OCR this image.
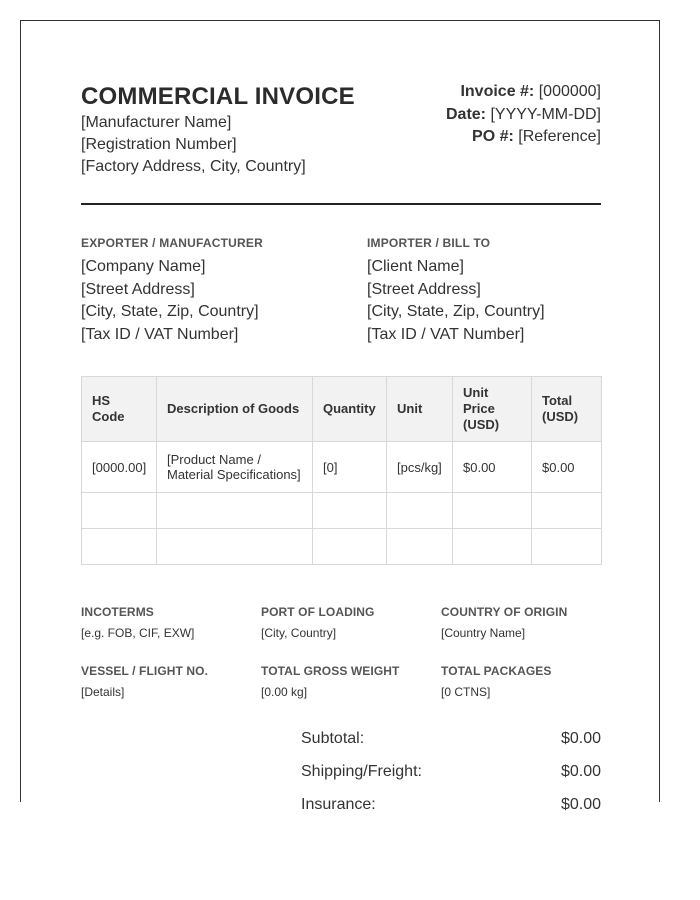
COMMERCIAL INVOICE
[Manufacturer Name]
[Registration Number]
[Factory Address, City, Country]
Invoice #: [000000]
Date: [YYYY-MM-DD]
PO #: [Reference]
EXPORTER / MANUFACTURER
[Company Name]
[Street Address]
[City, State, Zip, Country]
[Tax ID / VAT Number]
IMPORTER / BILL TO
[Client Name]
[Street Address]
[City, State, Zip, Country]
[Tax ID / VAT Number]
HS Code	Description of Goods	Quantity	Unit	Unit Price (USD)	Total (USD)
[0000.00]	[Product Name / Material Specifications]	[0]	[pcs/kg]	$0.00	$0.00

INCOTERMS
[e.g. FOB, CIF, EXW]
PORT OF LOADING
[City, Country]
COUNTRY OF ORIGIN
[Country Name]
VESSEL / FLIGHT NO.
[Details]
TOTAL GROSS WEIGHT
[0.00 kg]
TOTAL PACKAGES
[0 CTNS]
Subtotal:	$0.00
Shipping/Freight:	$0.00
Insurance:	$0.00
